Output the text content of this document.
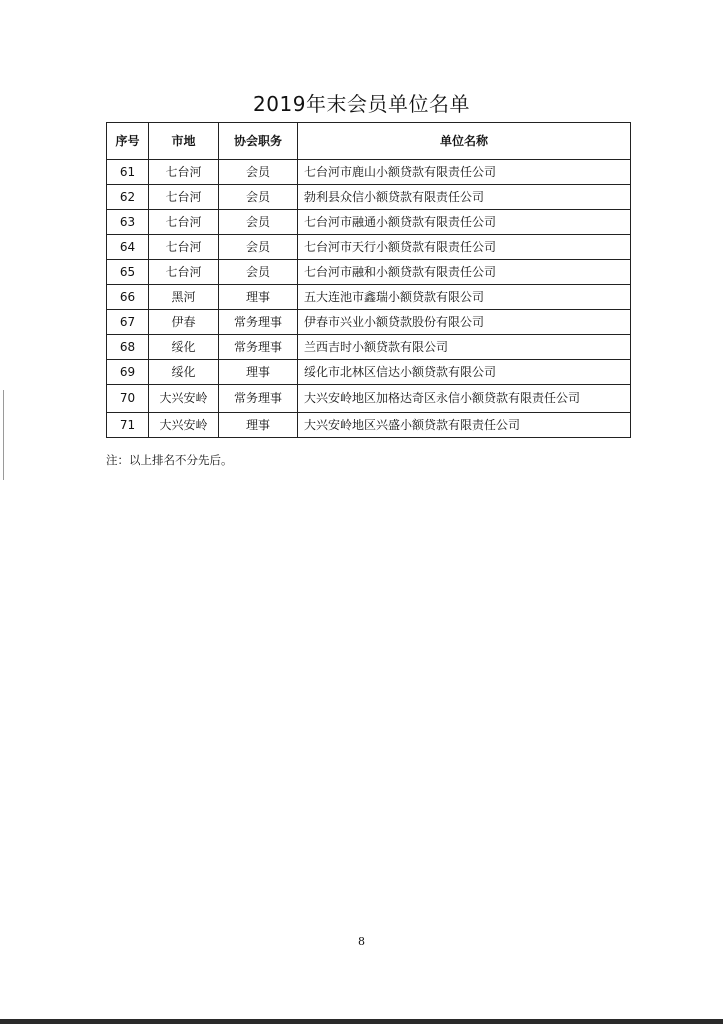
2019年末会员单位名单
序号	市地	协会职务	单位名称
61	七台河	会员	七台河市鹿山小额贷款有限责任公司
62	七台河	会员	勃利县众信小额贷款有限责任公司
63	七台河	会员	七台河市融通小额贷款有限责任公司
64	七台河	会员	七台河市天行小额贷款有限责任公司
65	七台河	会员	七台河市融和小额贷款有限责任公司
66	黑河	理事	五大连池市鑫瑞小额贷款有限公司
67	伊春	常务理事	伊春市兴业小额贷款股份有限公司
68	绥化	常务理事	兰西吉时小额贷款有限公司
69	绥化	理事	绥化市北林区信达小额贷款有限公司
70	大兴安岭	常务理事	大兴安岭地区加格达奇区永信小额贷款有限责任公司
71	大兴安岭	理事	大兴安岭地区兴盛小额贷款有限责任公司

注：以上排名不分先后。

8
